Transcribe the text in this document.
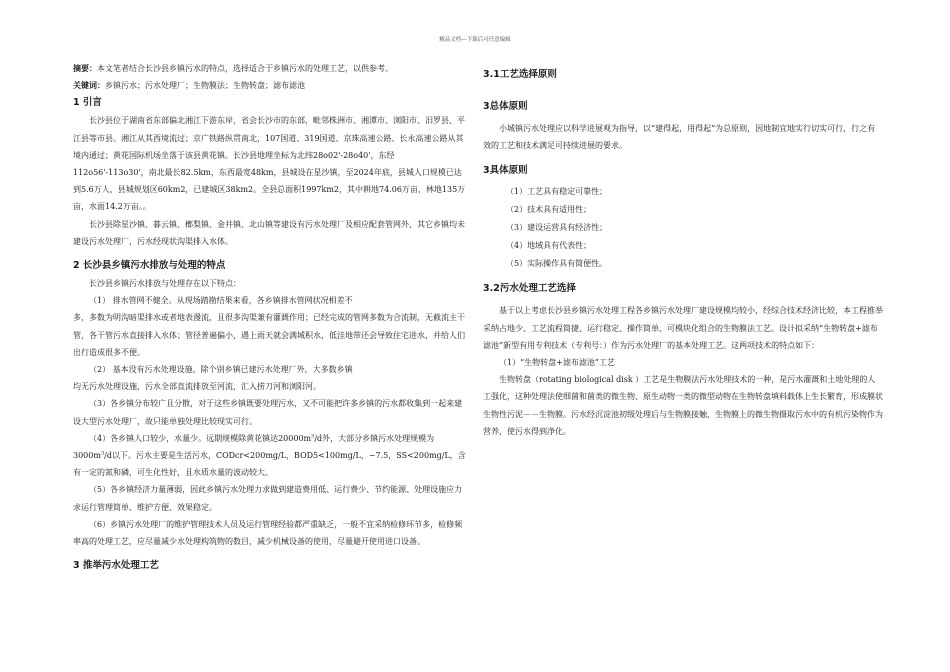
精品文档---下载后可任意编辑

摘要：本文笔者结合长沙县乡镇污水的特点，选择适合于乡镇污水的处理工艺，以供参考。

关键词：乡镇污水；污水处理厂；生物膜法；生物转盘；滤布滤池

1 引言

长沙县位于湖南省东部偏北湘江下游东岸，省会长沙市的东部，毗邻株洲市、湘潭市、浏阳市、汨罗县、平江县等市县。湘江从其西境流过；京广铁路纵贯南北，107国道、319国道、京珠高速公路、长永高速公路从其境内通过；黄花国际机场坐落于该县黄花镇。长沙县地理坐标为北纬28o02'-28o40'，东经112o56'-113o30'，南北最长82.5km，东西最宽48km，县城设在星沙镇，至2024年底，县城人口规模已达到5.6万人，县城规划区60km2，已建城区38km2。全县总面积1997km2，其中耕地74.06万亩，林地135万亩，水面14.2万亩。。

长沙县除星沙镇、暮云镇、榔梨镇、金井镇、北山镇等建设有污水处理厂及相应配套管网外，其它乡镇均未建设污水处理厂，污水经现状沟渠排入水体。

2 长沙县乡镇污水排放与处理的特点

长沙县乡镇污水排放与处理存在以下特点：

（1） 排水管网不健全。从现场踏勘结果来看，各乡镇排水管网状况相差不

多，多数为明沟暗渠排水或者地表漫流，且很多沟渠兼有灌溉作用；已经完成的管网多数为合流制，无截流主干管，各干管污水直接排入水体；管径普遍偏小，遇上雨天就会满城积水，低洼地带还会导致住宅进水，并给人们出行造成很多不便。

（2） 基本没有污水处理设施。除个别乡镇已建污水处理厂外，大多数乡镇

均无污水处理设施，污水全部直流排放至河流，汇入捞刀河和浏阳河。

（3）各乡镇分布较广且分散，对于这些乡镇既要处理污水，又不可能把许多乡镇的污水都收集到一起来建设大型污水处理厂，故只能单独处理比较现实可行。

（4）各乡镇人口较少，水量少。远期规模除黄花镇达$20000m^3/d$外，大部分乡镇污水处理规模为$3000m^3/d$以下。污水主要是生活污水，CODcr<200mg/L，BOD5<100mg/L，~7.5，SS<200mg/L，含有一定的氮和磷，可生化性好，且水质水量的波动较大。

（5）各乡镇经济力量薄弱，因此乡镇污水处理力求做到建造费用低、运行费少、节约能源、处理设施应力求运行管理简单、维护方便、效果稳定。

（6）乡镇污水处理厂的维护管理技术人员及运行管理经验都严重缺乏，一般不宜采纳检修环节多，检修频率高的处理工艺，应尽量减少水处理构筑物的数目，减少机械设备的使用，尽量避开使用进口设备。

3 推举污水处理工艺
3.1工艺选择原则
3总体原则

小城镇污水处理应以科学进展观为指导，以“建得起，用得起”为总原则，因地制宜地实行切实可行，行之有效的工艺和技术满足可持续进展的要求。

3具体原则
（1）工艺具有稳定可靠性；
（2）技术具有适用性；
（3）建设运营具有经济性；
（4）地域具有代表性；
（5）实际操作具有简便性。
3.2污水处理工艺选择

基于以上考虑长沙县乡镇污水处理工程各乡镇污水处理厂建设规模均较小，经综合技术经济比较，本工程推举采纳占地少、工艺流程简捷、运行稳定、操作简单、可模块化组合的生物膜法工艺。设计拟采纳“生物转盘+滤布滤池”新型有用专利技术（专利号：）作为污水处理厂的基本处理工艺。这两项技术的特点如下：

（1）“生物转盘+滤布滤池”工艺

生物转盘（rotating biological disk ）工艺是生物膜法污水处理技术的一种，是污水灌溉和土地处理的人工强化，这种处理法使细菌和菌类的微生物、原生动物一类的微型动物在生物转盘填料载体上生长繁育，形成膜状生物性污泥－－生物膜。污水经沉淀池初级处理后与生物膜接触，生物膜上的微生物摄取污水中的有机污染物作为营养，使污水得到净化。
